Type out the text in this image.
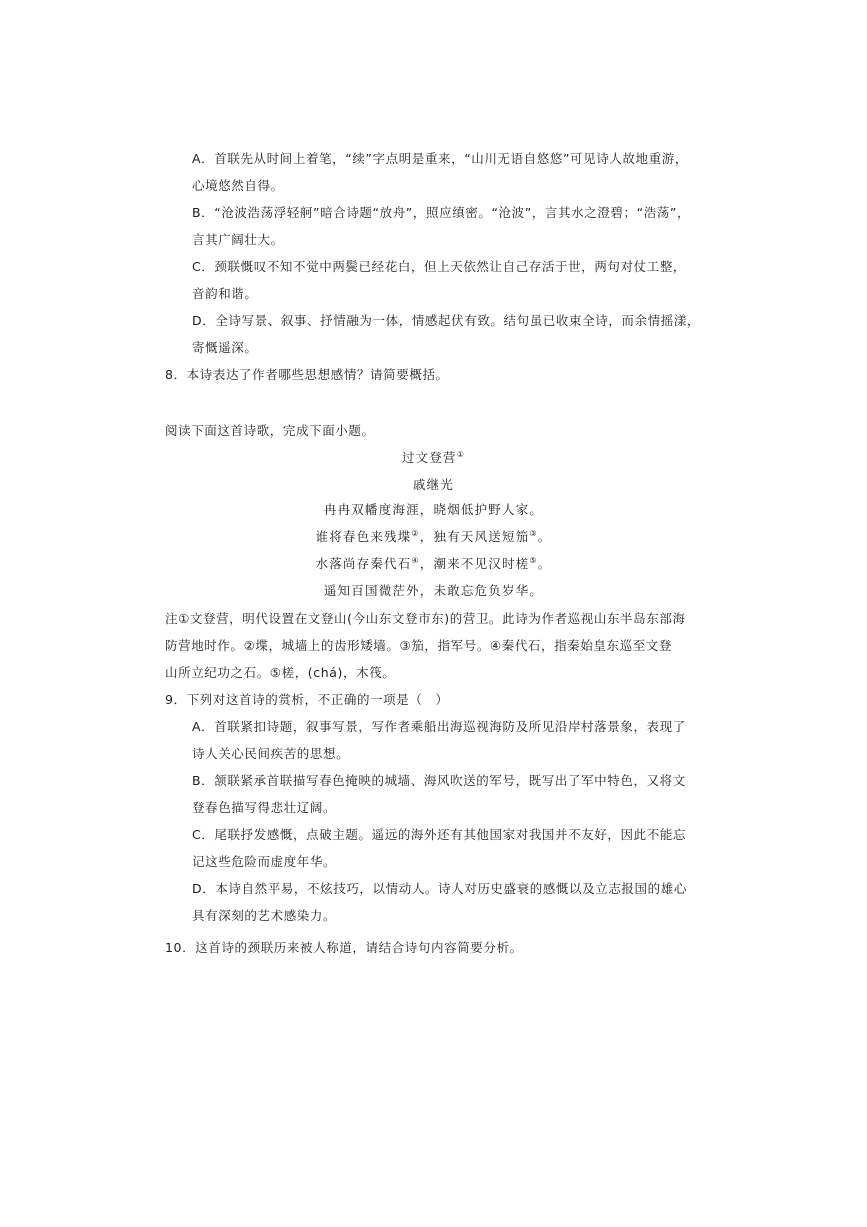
A．首联先从时间上着笔，“续”字点明是重来，“山川无语自悠悠”可见诗人故地重游，
心境悠然自得。
B．“沧波浩荡浮轻舸”暗合诗题“放舟”，照应缜密。“沧波”，言其水之澄碧；“浩荡”，
言其广阔壮大。
C．颈联慨叹不知不觉中两鬓已经花白，但上天依然让自己存活于世，两句对仗工整，
音韵和谐。
D．全诗写景、叙事、抒情融为一体，情感起伏有致。结句虽已收束全诗，而余情摇漾，
寄慨遥深。
8．本诗表达了作者哪些思想感情？请简要概括。
阅读下面这首诗歌，完成下面小题。
过文登营①
戚继光
冉冉双幡度海涯，晓烟低护野人家。
谁将春色来残堞②，独有天风送短笳③。
水落尚存秦代石④，潮来不见汉时槎⑤。
遥知百国微茫外，未敢忘危负岁华。
注①文登营，明代设置在文登山(今山东文登市东)的营卫。此诗为作者巡视山东半岛东部海
防营地时作。②堞，城墙上的齿形矮墙。③笳，指军号。④秦代石，指秦始皇东巡至文登
山所立纪功之石。⑤槎，(chá)，木筏。
9．下列对这首诗的赏析，不正确的一项是（　）
A．首联紧扣诗题，叙事写景，写作者乘船出海巡视海防及所见沿岸村落景象，表现了
诗人关心民间疾苦的思想。
B．颔联紧承首联描写春色掩映的城墙、海风吹送的军号，既写出了军中特色，又将文
登春色描写得悲壮辽阔。
C．尾联抒发感慨，点破主题。遥远的海外还有其他国家对我国并不友好，因此不能忘
记这些危险而虚度年华。
D．本诗自然平易，不炫技巧，以情动人。诗人对历史盛衰的感慨以及立志报国的雄心
具有深刻的艺术感染力。
10．这首诗的颈联历来被人称道，请结合诗句内容简要分析。
